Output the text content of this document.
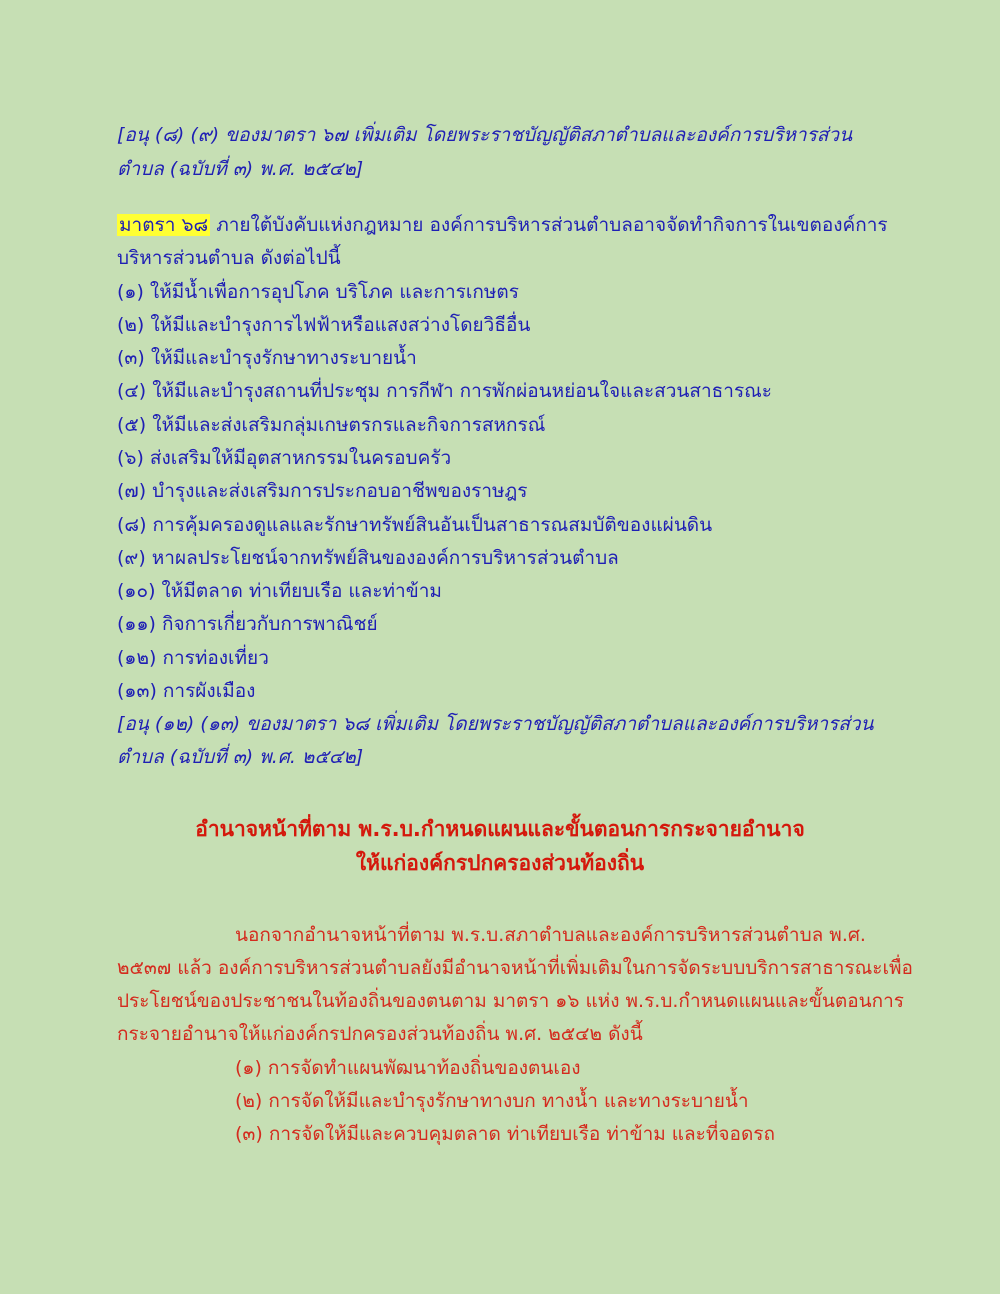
[อนุ (๘) (๙) ของมาตรา ๖๗ เพิ่มเติม โดยพระราชบัญญัติสภาตำบลและองค์การบริหารส่วน
ตำบล (ฉบับที่ ๓) พ.ศ. ๒๕๔๒]
มาตรา ๖๘ ภายใต้บังคับแห่งกฎหมาย องค์การบริหารส่วนตำบลอาจจัดทำกิจการในเขตองค์การ
บริหารส่วนตำบล ดังต่อไปนี้
(๑) ให้มีน้ำเพื่อการอุปโภค บริโภค และการเกษตร
(๒) ให้มีและบำรุงการไฟฟ้าหรือแสงสว่างโดยวิธีอื่น
(๓) ให้มีและบำรุงรักษาทางระบายน้ำ
(๔) ให้มีและบำรุงสถานที่ประชุม การกีฬา การพักผ่อนหย่อนใจและสวนสาธารณะ
(๕) ให้มีและส่งเสริมกลุ่มเกษตรกรและกิจการสหกรณ์
(๖) ส่งเสริมให้มีอุตสาหกรรมในครอบครัว
(๗) บำรุงและส่งเสริมการประกอบอาชีพของราษฎร
(๘) การคุ้มครองดูแลและรักษาทรัพย์สินอันเป็นสาธารณสมบัติของแผ่นดิน
(๙) หาผลประโยชน์จากทรัพย์สินขององค์การบริหารส่วนตำบล
(๑๐) ให้มีตลาด ท่าเทียบเรือ และท่าข้าม
(๑๑) กิจการเกี่ยวกับการพาณิชย์
(๑๒) การท่องเที่ยว
(๑๓) การผังเมือง
[อนุ (๑๒) (๑๓) ของมาตรา ๖๘ เพิ่มเติม โดยพระราชบัญญัติสภาตำบลและองค์การบริหารส่วน
ตำบล (ฉบับที่ ๓) พ.ศ. ๒๕๔๒]
อำนาจหน้าที่ตาม พ.ร.บ.กำหนดแผนและขั้นตอนการกระจายอำนาจ
ให้แก่องค์กรปกครองส่วนท้องถิ่น
นอกจากอำนาจหน้าที่ตาม พ.ร.บ.สภาตำบลและองค์การบริหารส่วนตำบล พ.ศ.
๒๕๓๗ แล้ว องค์การบริหารส่วนตำบลยังมีอำนาจหน้าที่เพิ่มเติมในการจัดระบบบริการสาธารณะเพื่อ
ประโยชน์ของประชาชนในท้องถิ่นของตนตาม มาตรา ๑๖ แห่ง พ.ร.บ.กำหนดแผนและขั้นตอนการ
กระจายอำนาจให้แก่องค์กรปกครองส่วนท้องถิ่น พ.ศ. ๒๕๔๒ ดังนี้
(๑) การจัดทำแผนพัฒนาท้องถิ่นของตนเอง
(๒) การจัดให้มีและบำรุงรักษาทางบก ทางน้ำ และทางระบายน้ำ
(๓) การจัดให้มีและควบคุมตลาด ท่าเทียบเรือ ท่าข้าม และที่จอดรถ
